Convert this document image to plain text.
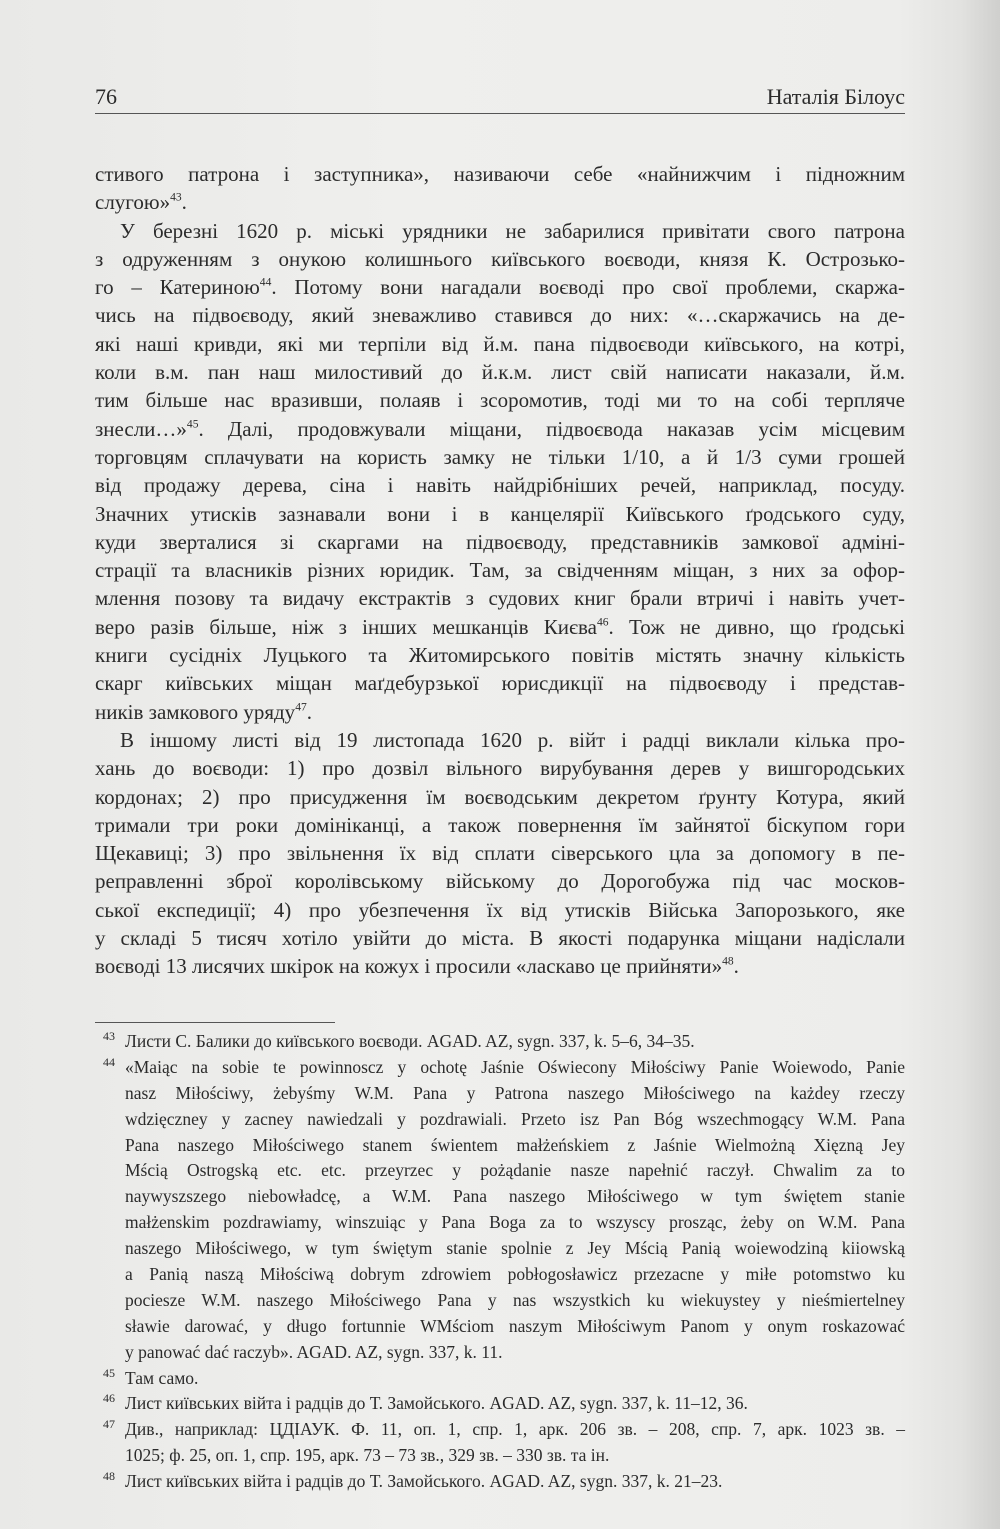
76	Наталія Білоус
стивого патрона і заступника», називаючи себе «найнижчим і підножним
слугою»$^{43}$.
У березні 1620 р. міські урядники не забарилися привітати свого патрона
з одруженням з онукою колишнього київського воєводи, князя К. Острозько-
го – Катериною$^{44}$. Потому вони нагадали воєводі про свої проблеми, скаржа-
чись на підвоєводу, який зневажливо ставився до них: «…скаржачись на де-
які наші кривди, які ми терпіли від й.м. пана підвоєводи київського, на котрі,
коли в.м. пан наш милостивий до й.к.м. лист свій написати наказали, й.м.
тим більше нас вразивши, полаяв і зсоромотив, тоді ми то на собі терпляче
знесли…»$^{45}$. Далі, продовжували міщани, підвоєвода наказав усім місцевим
торговцям сплачувати на користь замку не тільки 1/10, а й 1/3 суми грошей
від продажу дерева, сіна і навіть найдрібніших речей, наприклад, посуду.
Значних утисків зазнавали вони і в канцелярії Київського ґродського суду,
куди зверталися зі скаргами на підвоєводу, представників замкової адміні-
страції та власників різних юридик. Там, за свідченням міщан, з них за офор-
млення позову та видачу екстрактів з судових книг брали втричі і навіть учет-
веро разів більше, ніж з інших мешканців Києва$^{46}$. Тож не дивно, що ґродські
книги сусідніх Луцького та Житомирського повітів містять значну кількість
скарг київських міщан маґдебурзької юрисдикції на підвоєводу і представ-
ників замкового уряду$^{47}$.
В іншому листі від 19 листопада 1620 р. війт і радці виклали кілька про-
хань до воєводи: 1) про дозвіл вільного вирубування дерев у вишгородських
кордонах; 2) про присудження їм воєводським декретом ґрунту Котура, який
тримали три роки домініканці, а також повернення їм зайнятої біскупом гори
Щекавиці; 3) про звільнення їх від сплати сіверського цла за допомогу в пе-
реправленні зброї королівському війському до Дорогобужа під час москов-
ської експедиції; 4) про убезпечення їх від утисків Війська Запорозького, яке
у складі 5 тисяч хотіло увійти до міста. В якості подарунка міщани надіслали
воєводі 13 лисячих шкірок на кожух і просили «ласкаво це прийняти»$^{48}$.
43 Листи С. Балики до київського воєводи. AGAD. AZ, sygn. 337, k. 5–6, 34–35.
44 «Maiąc na sobie te powinnoscz y ochotę Jaśnie Oświecony Miłościwy Panie Woiewodo, Panie
nasz Miłościwy, żebyśmy W.M. Pana y Patrona naszego Miłościwego na każdey rzeczy
wdzięczney y zacney nawiedzali y pozdrawiali. Przeto isz Pan Bóg wszechmogący W.M. Pana
Pana naszego Miłościwego stanem świentem małżeńskiem z Jaśnie Wielmożną Xięzną Jey
Mścią Ostrogską etc. etc. przeyrzec y pożądanie nasze napełnić raczył. Chwalim za to
naywyszszego niebowładcę, a W.M. Pana naszego Miłościwego w tym świętem stanie
małżenskim pozdrawiamy, winszuiąc y Pana Boga za to wszyscy prosząc, żeby on W.M. Pana
naszego Miłościwego, w tym świętym stanie spolnie z Jey Mścią Panią woiewodziną kiiowską
a Panią naszą Miłościwą dobrym zdrowiem pobłogosławicz przezacne y miłe potomstwo ku
pociesze W.M. naszego Miłościwego Pana y nas wszystkich ku wiekuystey y nieśmiertelney
sławie darować, y długo fortunnie WMściom naszym Miłościwym Panom y onym roskazować
y panować dać raczyb». AGAD. AZ, sygn. 337, k. 11.
45 Там само.
46 Лист київських війта і радців до Т. Замойського. AGAD. AZ, sygn. 337, k. 11–12, 36.
47 Див., наприклад: ЦДІАУК. Ф. 11, оп. 1, спр. 1, арк. 206 зв. – 208, спр. 7, арк. 1023 зв. –
1025; ф. 25, оп. 1, спр. 195, арк. 73 – 73 зв., 329 зв. – 330 зв. та ін.
48 Лист київських війта і радців до Т. Замойського. AGAD. AZ, sygn. 337, k. 21–23.
